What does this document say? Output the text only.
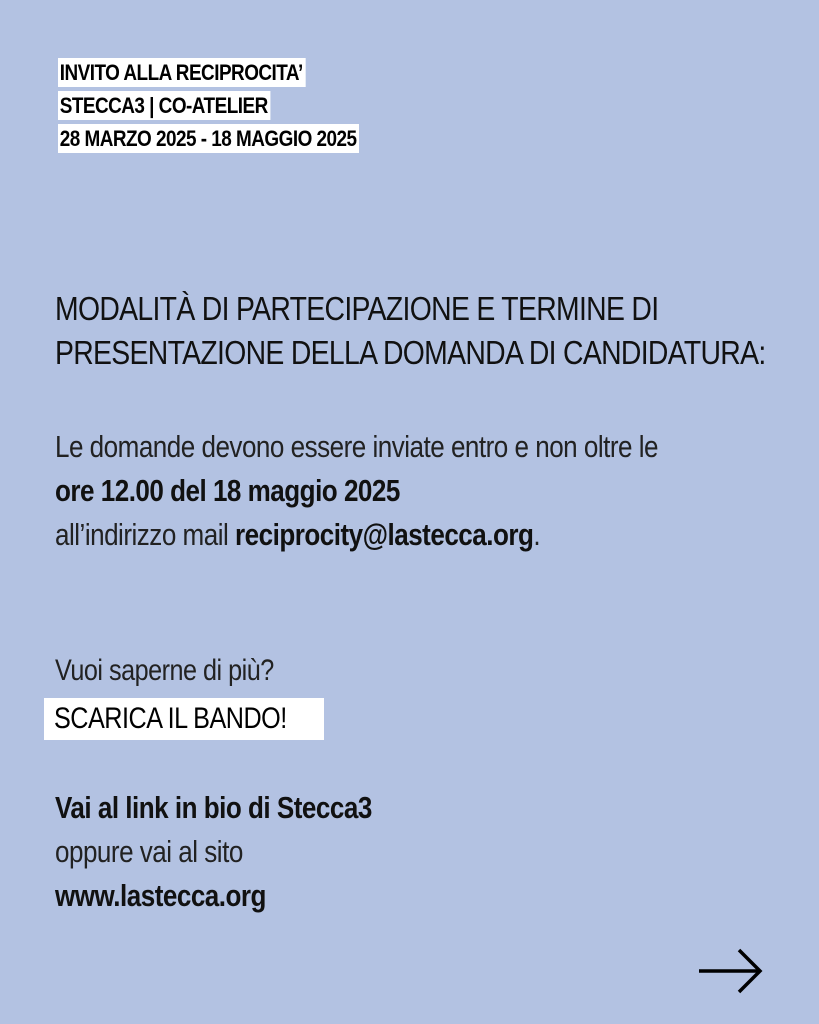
INVITO ALLA RECIPROCITA’
STECCA3 | CO-ATELIER
28 MARZO 2025 - 18 MAGGIO 2025
MODALITÀ DI PARTECIPAZIONE E TERMINE DI
PRESENTAZIONE DELLA DOMANDA DI CANDIDATURA:
Le domande devono essere inviate entro e non oltre le
ore 12.00 del 18 maggio 2025
all’indirizzo mail reciprocity@lastecca.org.
Vuoi saperne di più?
SCARICA IL BANDO!
Vai al link in bio di Stecca3
oppure vai al sito
www.lastecca.org
